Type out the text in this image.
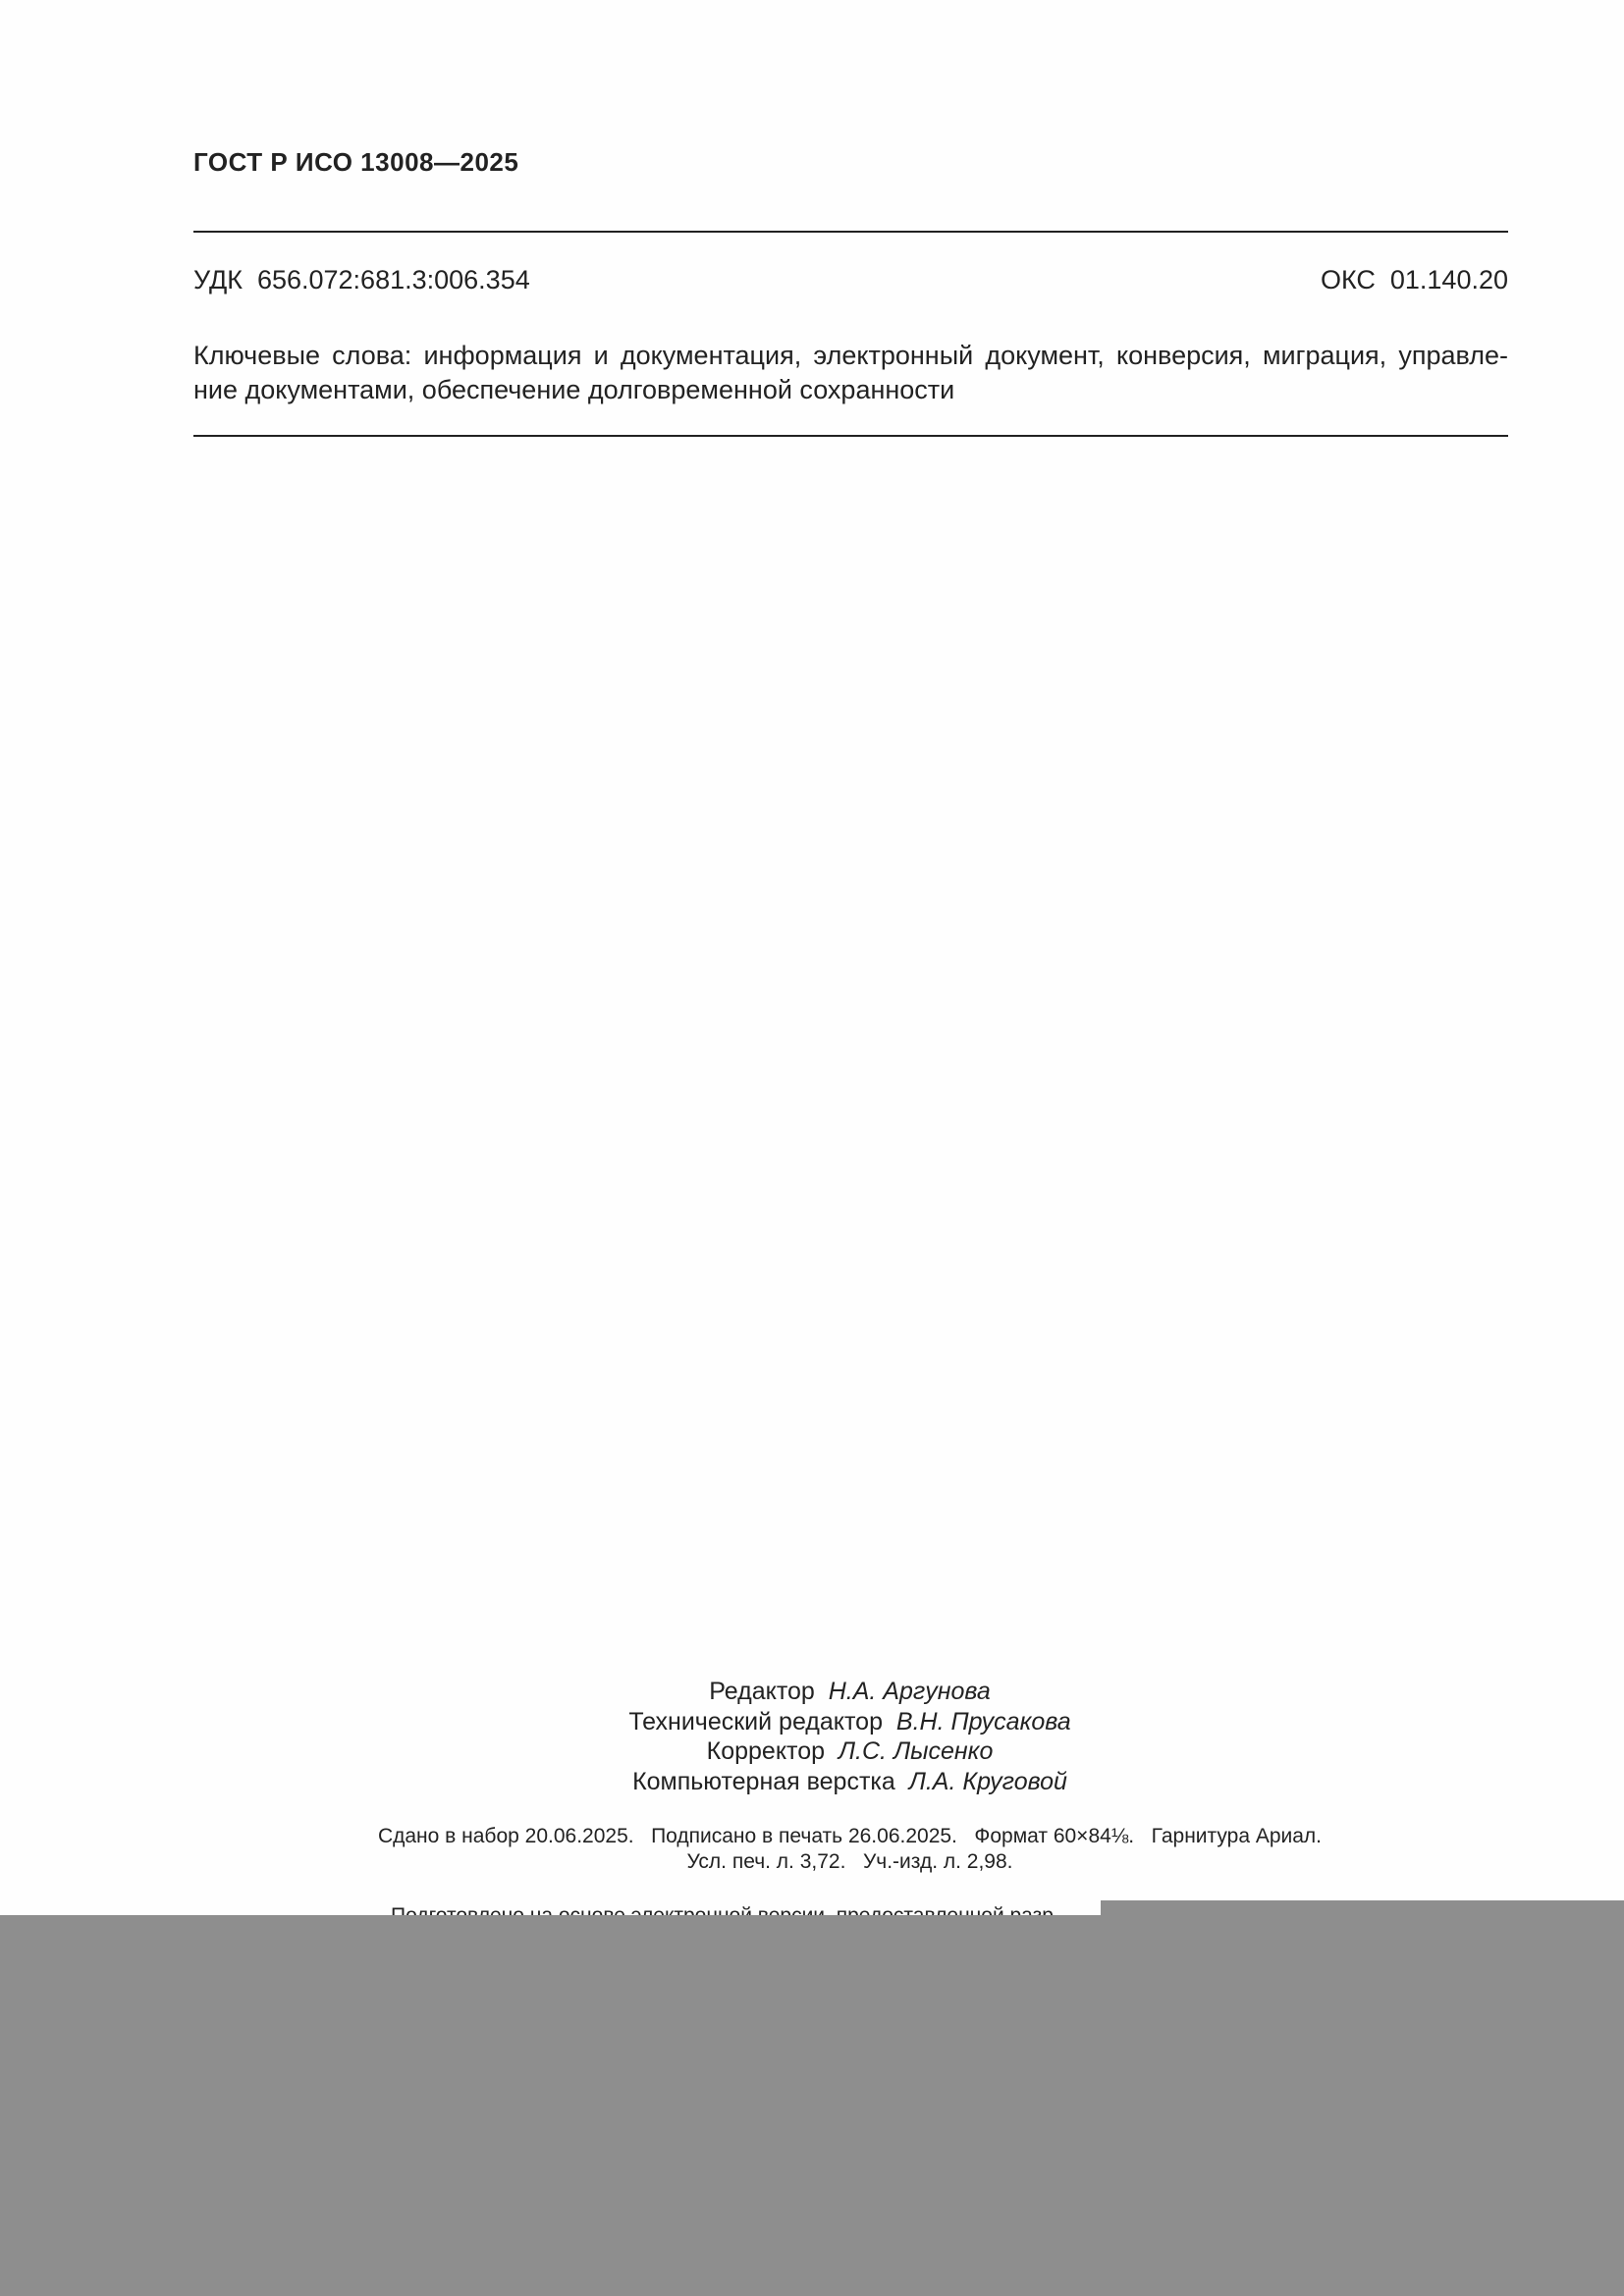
ГОСТ Р ИСО 13008—2025
УДК  656.072:681.3:006.354	ОКС  01.140.20
Ключевые слова: информация и документация, электронный документ, конверсия, миграция, управле-
ние документами, обеспечение долговременной сохранности
Редактор Н.А. Аргунова
Технический редактор В.Н. Прусакова
Корректор Л.С. Лысенко
Компьютерная верстка Л.А. Круговой
Сдано в набор 20.06.2025.   Подписано в печать 26.06.2025.   Формат 60×84⅛.   Гарнитура Ариал.
Усл. печ. л. 3,72.   Уч.-изд. л. 2,98.
